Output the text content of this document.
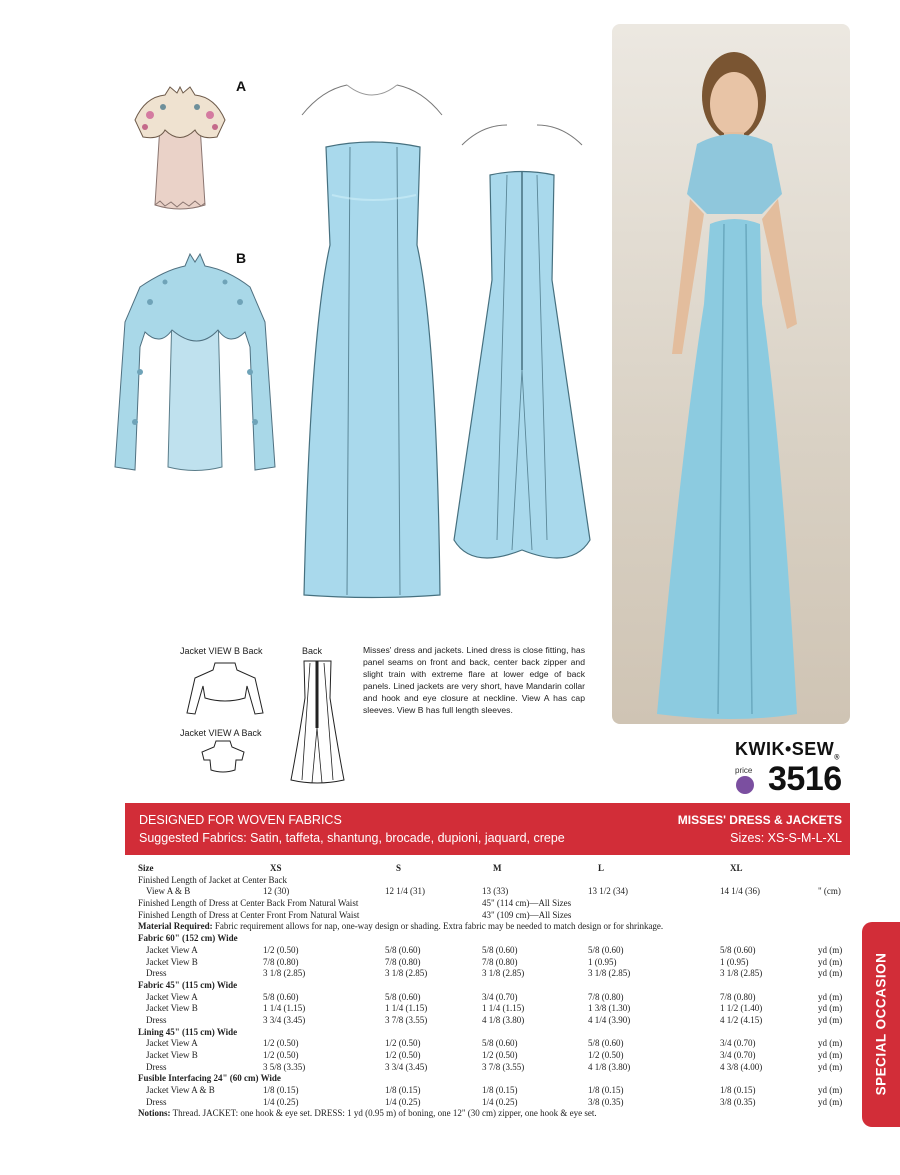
A
B
Jacket VIEW B Back	Back
Jacket VIEW A Back
Misses' dress and jackets. Lined dress is close fitting, has panel seams on front and back, center back zipper and slight train with extreme flare at lower edge of back panels. Lined jackets are very short, have Mandarin collar and hook and eye closure at neckline. View A has cap sleeves. View B has full length sleeves.
$KWIK•SEW_®$
price 3516
DESIGNED FOR WOVEN FABRICS
Suggested Fabrics: Satin, taffeta, shantung, brocade, dupioni, jaquard, crepe
MISSES' DRESS & JACKETS
Sizes: XS-S-M-L-XL
Size	XS	S	M	L	XL
Finished Length of Jacket at Center Back
View A & B	12 (30)	12 1/4 (31)	13 (33)	13 1/2 (34)	14 1/4 (36)	" (cm)
Finished Length of Dress at Center Back From Natural Waist	45" (114 cm)—All Sizes
Finished Length of Dress at Center Front From Natural Waist	43" (109 cm)—All Sizes
Material Required: Fabric requirement allows for nap, one-way design or shading. Extra fabric may be needed to match design or for shrinkage.
Fabric 60" (152 cm) Wide
Jacket View A	1/2 (0.50)	5/8 (0.60)	5/8 (0.60)	5/8 (0.60)	5/8 (0.60)	yd (m)
Jacket View B	7/8 (0.80)	7/8 (0.80)	7/8 (0.80)	1 (0.95)	1 (0.95)	yd (m)
Dress	3 1/8 (2.85)	3 1/8 (2.85)	3 1/8 (2.85)	3 1/8 (2.85)	3 1/8 (2.85)	yd (m)
Fabric 45" (115 cm) Wide
Jacket View A	5/8 (0.60)	5/8 (0.60)	3/4 (0.70)	7/8 (0.80)	7/8 (0.80)	yd (m)
Jacket View B	1 1/4 (1.15)	1 1/4 (1.15)	1 1/4 (1.15)	1 3/8 (1.30)	1 1/2 (1.40)	yd (m)
Dress	3 3/4 (3.45)	3 7/8 (3.55)	4 1/8 (3.80)	4 1/4 (3.90)	4 1/2 (4.15)	yd (m)
Lining 45" (115 cm) Wide
Jacket View A	1/2 (0.50)	1/2 (0.50)	5/8 (0.60)	5/8 (0.60)	3/4 (0.70)	yd (m)
Jacket View B	1/2 (0.50)	1/2 (0.50)	1/2 (0.50)	1/2 (0.50)	3/4 (0.70)	yd (m)
Dress	3 5/8 (3.35)	3 3/4 (3.45)	3 7/8 (3.55)	4 1/8 (3.80)	4 3/8 (4.00)	yd (m)
Fusible Interfacing 24" (60 cm) Wide
Jacket View A & B	1/8 (0.15)	1/8 (0.15)	1/8 (0.15)	1/8 (0.15)	1/8 (0.15)	yd (m)
Dress	1/4 (0.25)	1/4 (0.25)	1/4 (0.25)	3/8 (0.35)	3/8 (0.35)	yd (m)
Notions: Thread. JACKET: one hook & eye set. DRESS: 1 yd (0.95 m) of boning, one 12" (30 cm) zipper, one hook & eye set.
SPECIAL OCCASION
